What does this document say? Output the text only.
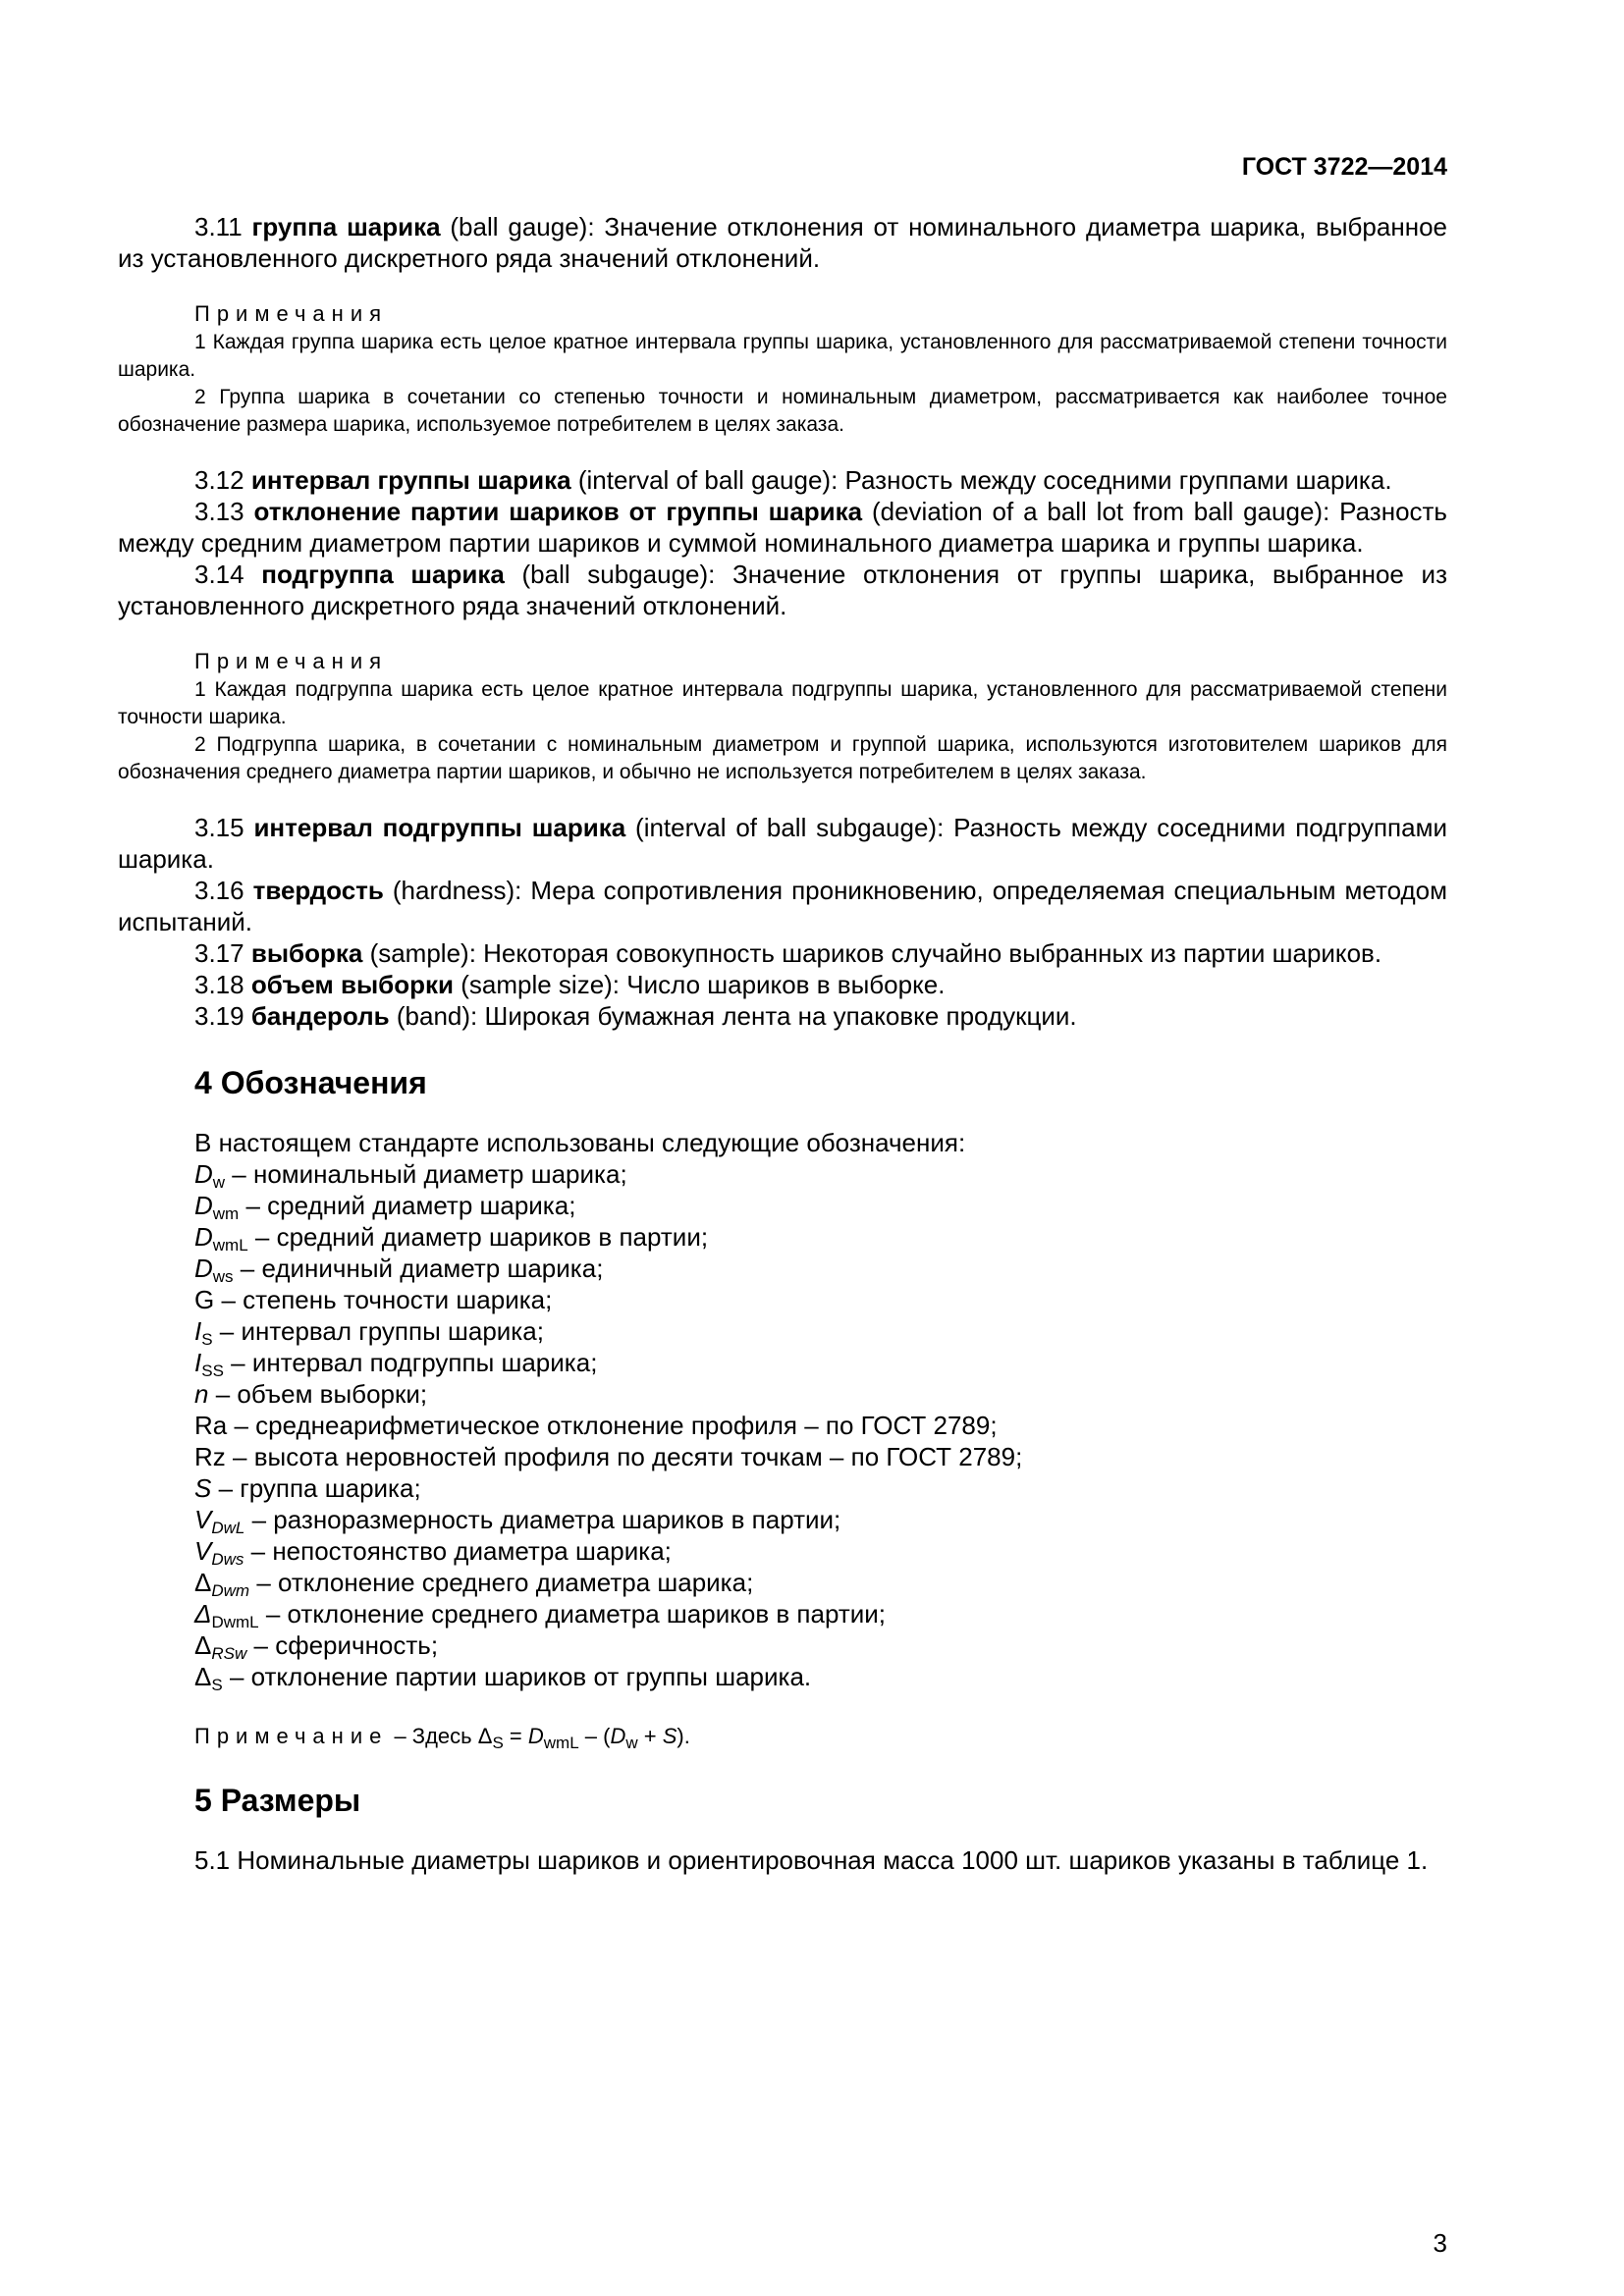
ГОСТ 3722—2014

3.11 группа шарика (ball gauge): Значение отклонения от номинального диаметра шарика, выбранное из установленного дискретного ряда значений отклонений.

Примечания

1 Каждая группа шарика есть целое кратное интервала группы шарика, установленного для рассматриваемой степени точности шарика.

2 Группа шарика в сочетании со степенью точности и номинальным диаметром, рассматривается как наиболее точное обозначение размера шарика, используемое потребителем в целях заказа.

3.12 интервал группы шарика (interval of ball gauge): Разность между соседними группами шарика.

3.13 отклонение партии шариков от группы шарика (deviation of a ball lot from ball gauge): Разность между средним диаметром партии шариков и суммой номинального диаметра шарика и группы шарика.

3.14 подгруппа шарика (ball subgauge): Значение отклонения от группы шарика, выбранное из установленного дискретного ряда значений отклонений.

Примечания

1 Каждая подгруппа шарика есть целое кратное интервала подгруппы шарика, установленного для рассматриваемой степени точности шарика.

2 Подгруппа шарика, в сочетании с номинальным диаметром и группой шарика, используются изготовителем шариков для обозначения среднего диаметра партии шариков, и обычно не используется потребителем в целях заказа.

3.15 интервал подгруппы шарика (interval of ball subgauge): Разность между соседними подгруппами шарика.

3.16 твердость (hardness): Мера сопротивления проникновению, определяемая специальным методом испытаний.

3.17 выборка (sample): Некоторая совокупность шариков случайно выбранных из партии шариков.

3.18 объем выборки (sample size): Число шариков в выборке.

3.19 бандероль (band): Широкая бумажная лента на упаковке продукции.

4 Обозначения
В настоящем стандарте использованы следующие обозначения:
$D_w$ – номинальный диаметр шарика;
$D_{wm}$ – средний диаметр шарика;
$D_{wmL}$ – средний диаметр шариков в партии;
$D_{ws}$ – единичный диаметр шарика;
G – степень точности шарика;
$I_S$ – интервал группы шарика;
$I_{SS}$ – интервал подгруппы шарика;
n – объем выборки;
Ra – среднеарифметическое отклонение профиля – по ГОСТ 2789;
Rz – высота неровностей профиля по десяти точкам – по ГОСТ 2789;
S – группа шарика;
$V_{DwL}$ – разноразмерность диаметра шариков в партии;
$V_{Dws}$ – непостоянство диаметра шарика;
$\Delta_{Dwm}$ – отклонение среднего диаметра шарика;
$\Delta_{DwmL}$ – отклонение среднего диаметра шариков в партии;
$\Delta_{RSw}$ – сферичность;
$\Delta_S$ – отклонение партии шариков от группы шарика.
Примечание – Здесь $\Delta_S = D_{wmL} - (D_w + S)$.
5 Размеры

5.1 Номинальные диаметры шариков и ориентировочная масса 1000 шт. шариков указаны в таблице 1.

3
